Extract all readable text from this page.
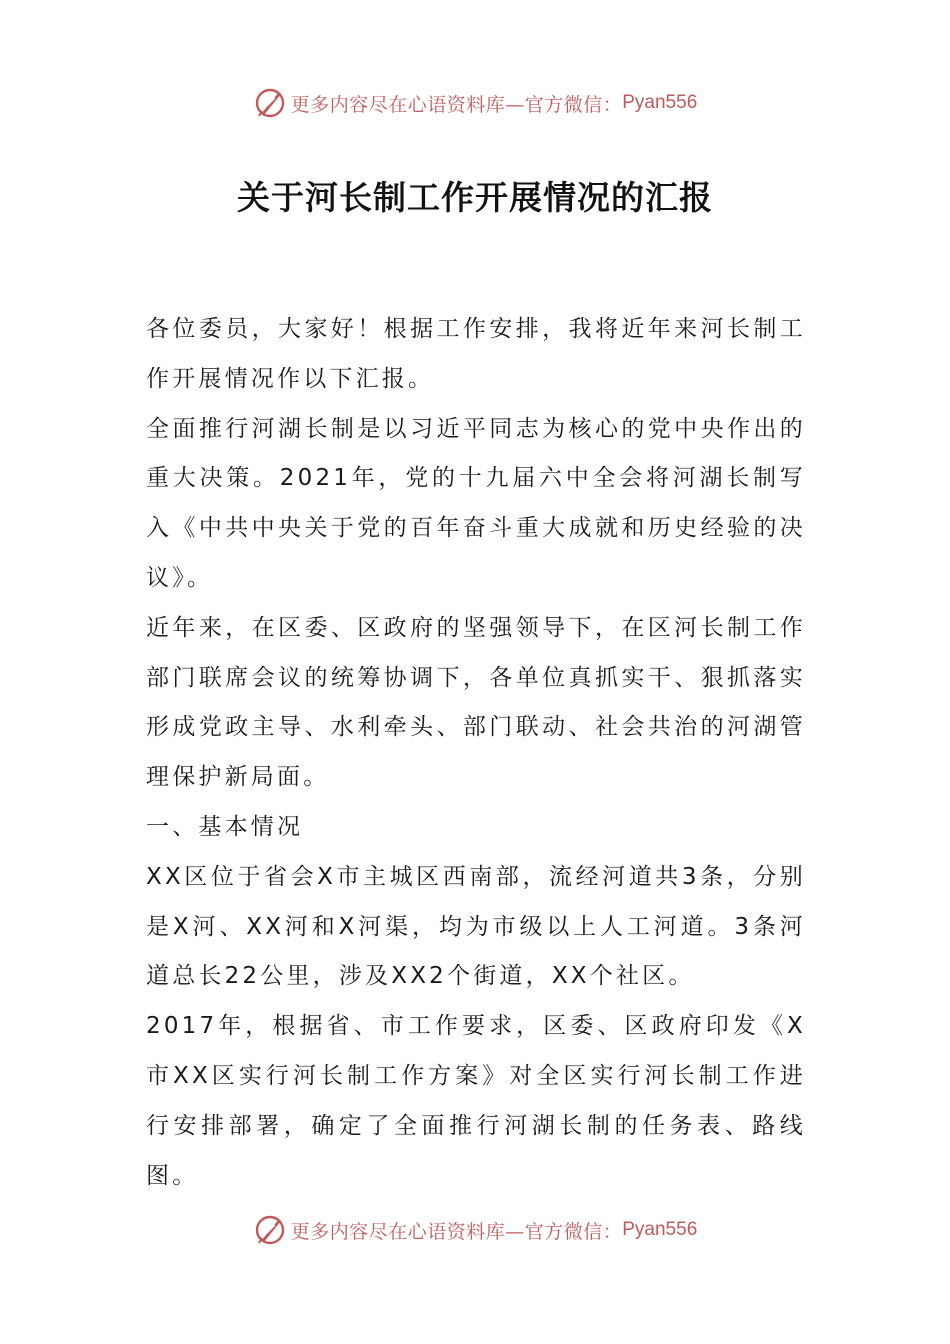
更多内容尽在心语资料库—官方微信： Pyan556
关于河长制工作开展情况的汇报

各位委员，大家好！根据工作安排，我将近年来河长制工作开展情况作以下汇报。

全面推行河湖长制是以习近平同志为核心的党中央作出的重大决策。2021年，党的十九届六中全会将河湖长制写入《中共中央关于党的百年奋斗重大成就和历史经验的决议》。

近年来，在区委、区政府的坚强领导下，在区河长制工作部门联席会议的统筹协调下，各单位真抓实干、狠抓落实形成党政主导、水利牵头、部门联动、社会共治的河湖管理保护新局面。

一、基本情况

XX区位于省会X市主城区西南部，流经河道共3条，分别是X河、XX河和X河渠，均为市级以上人工河道。3条河道总长22公里，涉及XX2个街道，XX个社区。

2017年，根据省、市工作要求，区委、区政府印发《X市XX区实行河长制工作方案》对全区实行河长制工作进行安排部署，确定了全面推行河湖长制的任务表、路线图。

更多内容尽在心语资料库—官方微信： Pyan556
